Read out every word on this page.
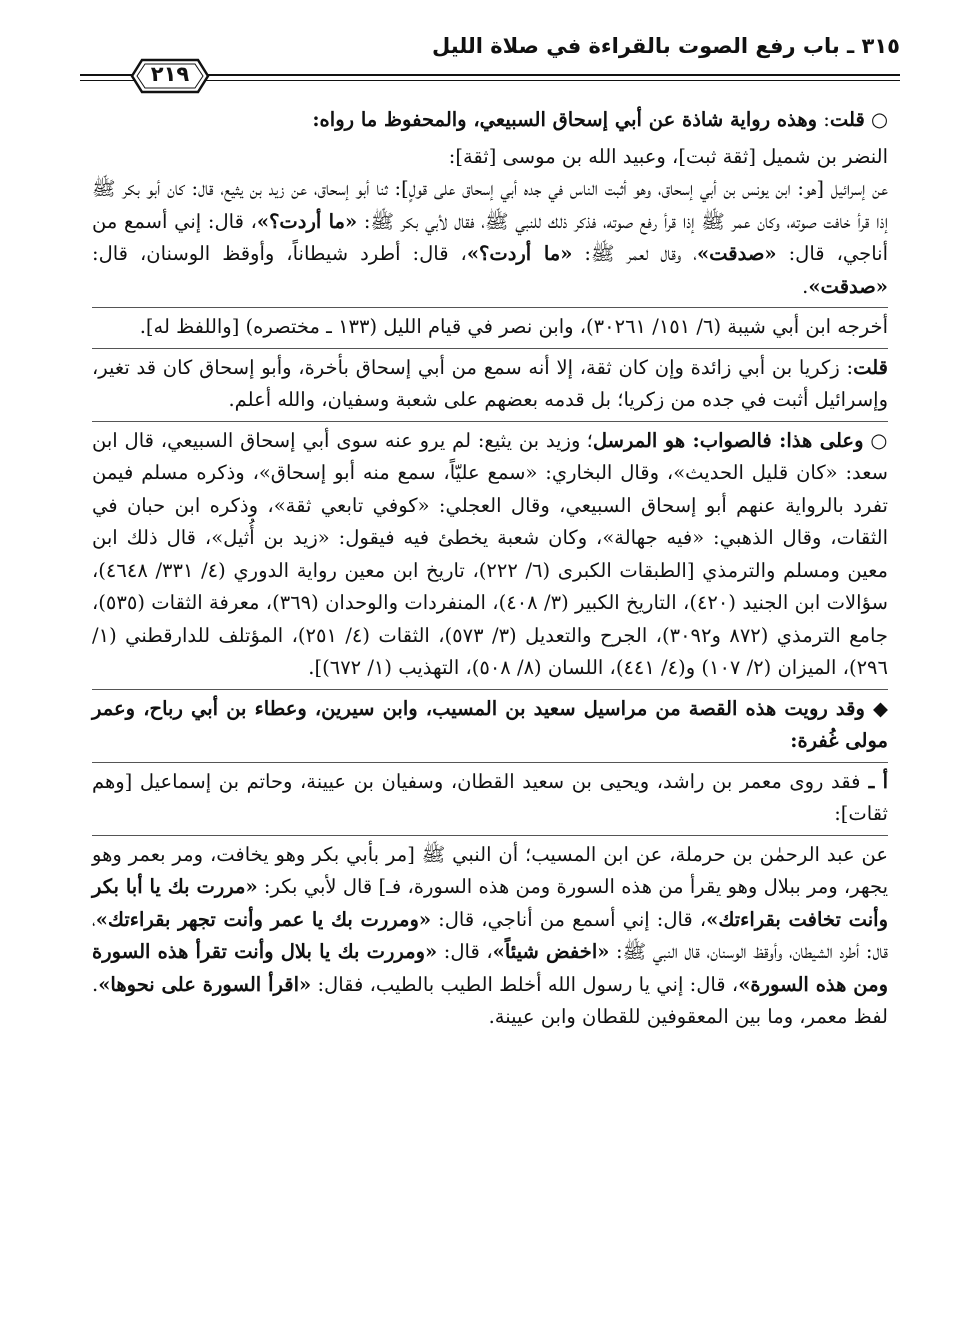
٣١٥ ـ باب رفع الصوت بالقراءة في صلاة الليل
٢١٩

○ قلت: وهذه رواية شاذة عن أبي إسحاق السبيعي، والمحفوظ ما رواه:

النضر بن شميل [ثقة ثبت]، وعبيد الله بن موسى [ثقة]:

عن إسرائيل [هو: ابن يونس بن أبي إسحاق، وهو أثبت الناس في جده أبي إسحاق على قولٍ]: ثنا أبو إسحاق، عن زيد بن يثيع، قال: كان أبو بكر ﷺ إذا قرأ خافت صوته، وكان عمر ﷺ إذا قرأ رفع صوته، فذكر ذلك للنبي ﷺ، فقال لأبي بكر ﷺ: «ما أردت؟»، قال: إني أسمع من أناجي، قال: «صدقت»، وقال لعمر ﷺ: «ما أردت؟»، قال: أطرد شيطاناً، وأوقظ الوسنان، قال: «صدقت».

أخرجه ابن أبي شيبة (٦/ ١٥١/ ٣٠٢٦١)، وابن نصر في قيام الليل (١٣٣ ـ مختصره) [واللفظ له].

قلت: زكريا بن أبي زائدة وإن كان ثقة، إلا أنه سمع من أبي إسحاق بأخرة، وأبو إسحاق كان قد تغير، وإسرائيل أثبت في جده من زكريا؛ بل قدمه بعضهم على شعبة وسفيان، والله أعلم.

○ وعلى هذا: فالصواب: هو المرسل؛ وزيد بن يثيع: لم يرو عنه سوى أبي إسحاق السبيعي، قال ابن سعد: «كان قليل الحديث»، وقال البخاري: «سمع عليّاً، سمع منه أبو إسحاق»، وذكره مسلم فيمن تفرد بالرواية عنهم أبو إسحاق السبيعي، وقال العجلي: «كوفي تابعي ثقة»، وذكره ابن حبان في الثقات، وقال الذهبي: «فيه جهالة»، وكان شعبة يخطئ فيه فيقول: «زيد بن أُثيل»، قال ذلك ابن معين ومسلم والترمذي [الطبقات الكبرى (٦/ ٢٢٢)، تاريخ ابن معين رواية الدوري (٤/ ٣٣١/ ٤٦٤٨)، سؤالات ابن الجنيد (٤٢٠)، التاريخ الكبير (٣/ ٤٠٨)، المنفردات والوحدان (٣٦٩)، معرفة الثقات (٥٣٥)، جامع الترمذي (٨٧٢ و٣٠٩٢)، الجرح والتعديل (٣/ ٥٧٣)، الثقات (٤/ ٢٥١)، المؤتلف للدارقطني (١/ ٢٩٦)، الميزان (٢/ ١٠٧) و(٤/ ٤٤١)، اللسان (٨/ ٥٠٨)، التهذيب (١/ ٦٧٢)].

◆ وقد رويت هذه القصة من مراسيل سعيد بن المسيب، وابن سيرين، وعطاء بن أبي رباح، وعمر مولى غُفرة:

أ ـ فقد روى معمر بن راشد، ويحيى بن سعيد القطان، وسفيان بن عيينة، وحاتم بن إسماعيل [وهم ثقات]:

عن عبد الرحمٰن بن حرملة، عن ابن المسيب؛ أن النبي ﷺ [مر بأبي بكر وهو يخافت، ومر بعمر وهو يجهر، ومر ببلال وهو يقرأ من هذه السورة ومن هذه السورة، فـ] قال لأبي بكر: «مررت بك يا أبا بكر وأنت تخافت بقراءتك»، قال: إني أسمع من أناجي، قال: «ومررت بك يا عمر وأنت تجهر بقراءتك»، قال: أطرد الشيطان، وأوقظ الوسنان، قال النبي ﷺ: «اخفض شيئاً»، قال: «ومررت بك يا بلال وأنت تقرأ هذه السورة ومن هذه السورة»، قال: إني يا رسول الله أخلط الطيب بالطيب، فقال: «اقرأ السورة على نحوها». لفظ معمر، وما بين المعقوفين للقطان وابن عيينة.
